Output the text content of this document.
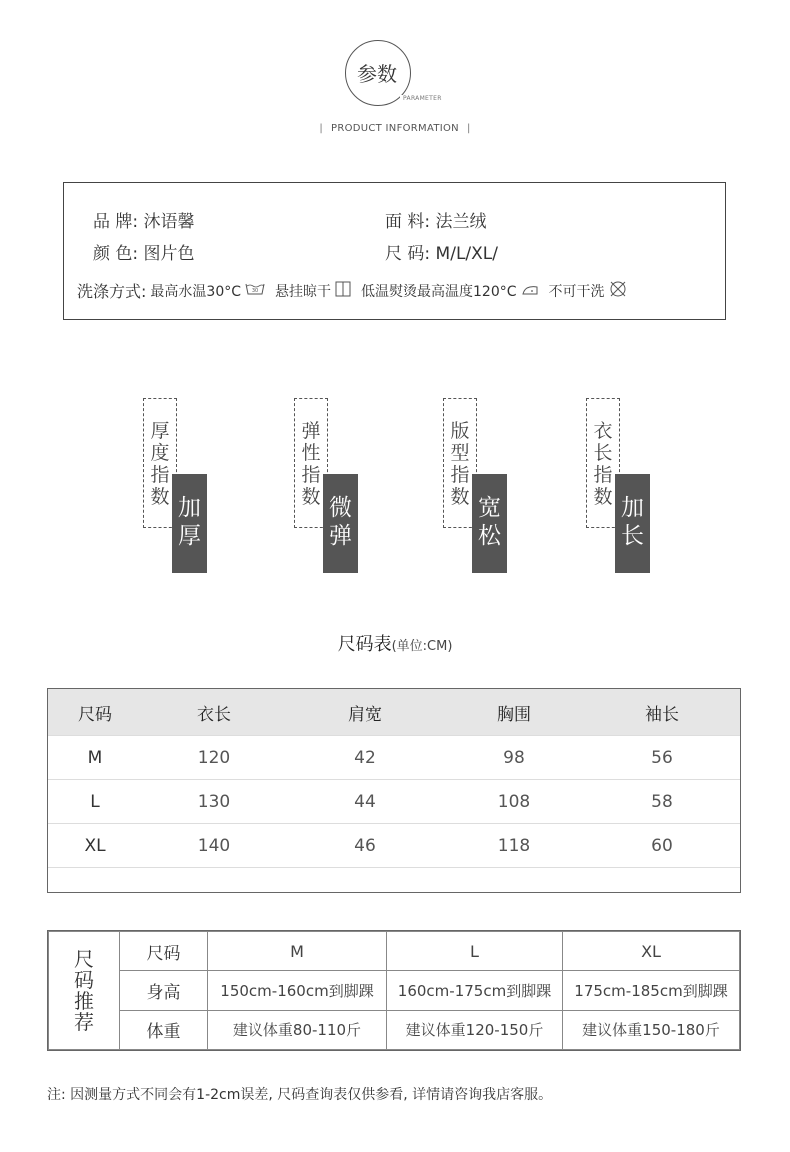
参数
PARAMETER
| PRODUCT INFORMATION |
品 牌: 沐语馨
颜 色: 图片色
面 料: 法兰绒
尺 码: M/L/XL/
洗涤方式: 最高水温30°C 30 悬挂晾干 低温熨烫最高温度120°C 不可干洗
厚度指数 加厚
弹性指数 微弹
版型指数 宽松
衣长指数 加长
尺码表(单位:CM)
尺码	衣长	肩宽	胸围	袖长
M	120	42	98	56
L	130	44	108	58
XL	140	46	118	60

尺码推荐	尺码	M	L	XL
	身高	150cm-160cm到脚踝	160cm-175cm到脚踝	175cm-185cm到脚踝
	体重	建议体重80-110斤	建议体重120-150斤	建议体重150-180斤
注: 因测量方式不同会有1-2cm误差, 尺码查询表仅供参看, 详情请咨询我店客服。
